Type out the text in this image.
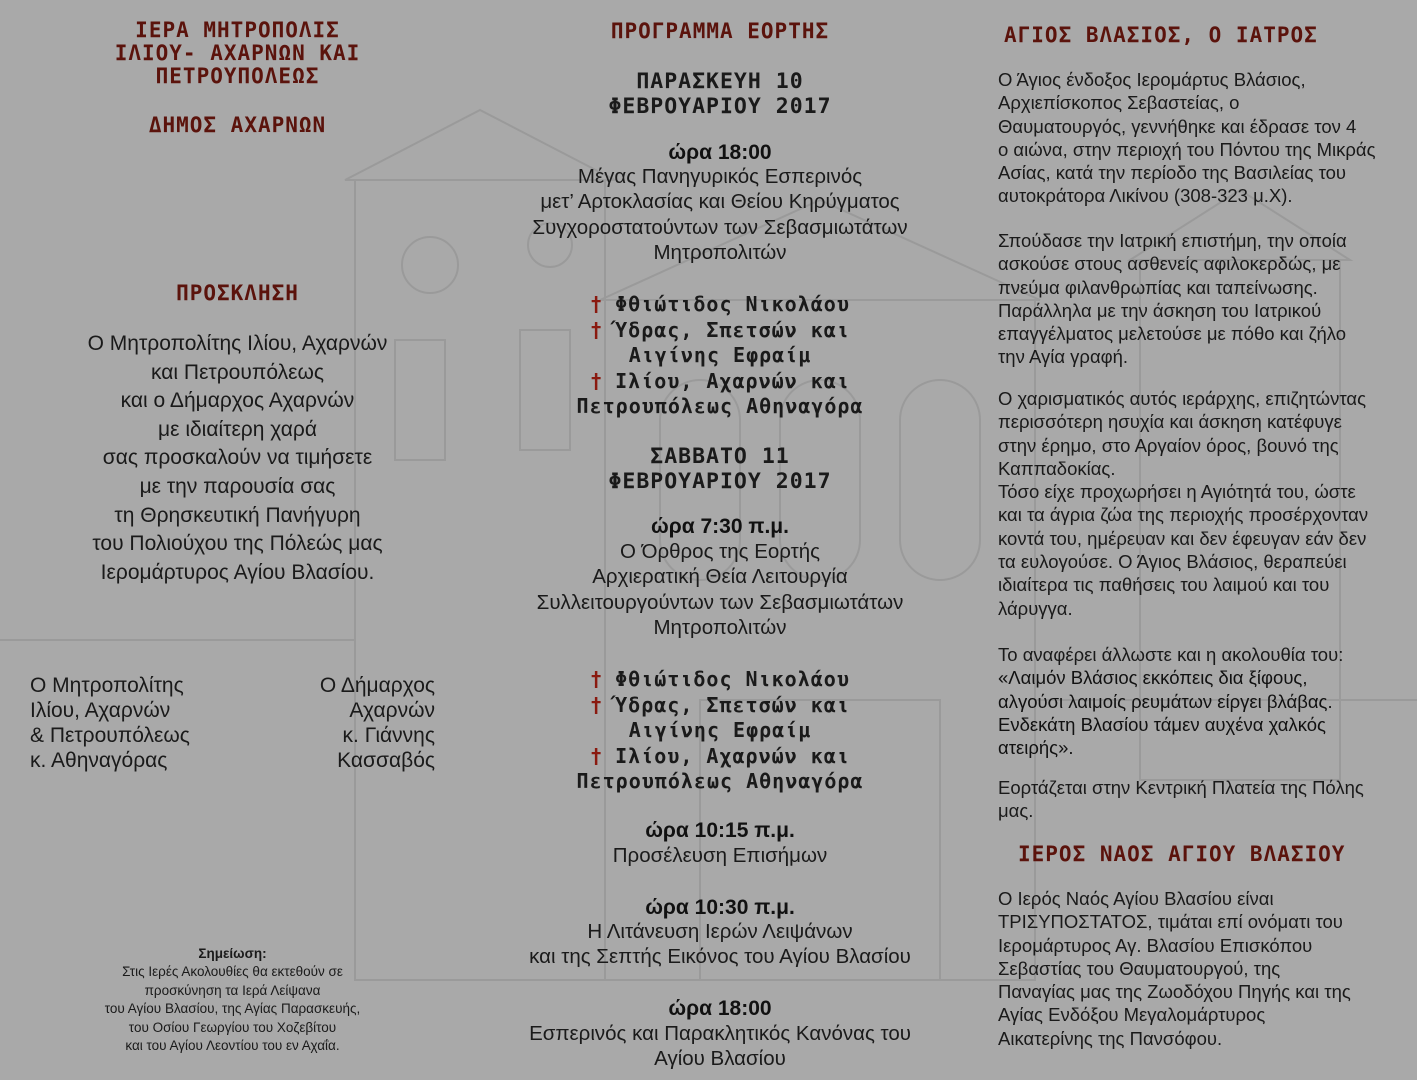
ΙΕΡΑ ΜΗΤΡΟΠΟΛΙΣ
ΙΛΙΟΥ- ΑΧΑΡΝΩΝ ΚΑΙ
ΠΕΤΡΟΥΠΟΛΕΩΣ
ΔΗΜΟΣ ΑΧΑΡΝΩΝ
ΠΡΟΣΚΛΗΣΗ
Ο Μητροπολίτης Ιλίου, Αχαρνών
και Πετρουπόλεως
και ο Δήμαρχος Αχαρνών
με ιδιαίτερη χαρά
σας προσκαλούν να τιμήσετε
με την παρουσία σας
τη Θρησκευτική Πανήγυρη
του Πολιούχου της Πόλεώς μας
Ιερομάρτυρος Αγίου Βλασίου.
Ο Μητροπολίτης
Ιλίου, Αχαρνών
& Πετρουπόλεως
κ. Αθηναγόρας
Ο Δήμαρχος
Αχαρνών
κ. Γιάννης
Κασσαβός
Σημείωση:
Στις Ιερές Ακολουθίες θα εκτεθούν σε
προσκύνηση τα Ιερά Λείψανα
του Αγίου Βλασίου, της Αγίας Παρασκευής,
του Οσίου Γεωργίου του Χοζεβίτου
και του Αγίου Λεοντίου του εν Αχαΐα.
ΠΡΟΓΡΑΜΜΑ ΕΟΡΤΗΣ
ΠΑΡΑΣΚΕΥΗ 10
ΦΕΒΡΟΥΑΡΙΟΥ 2017
ώρα 18:00
Μέγας Πανηγυρικός Εσπερινός
μετ’ Αρτοκλασίας και Θείου Κηρύγματος
Συγχοροστατούντων των Σεβασμιωτάτων
Μητροπολιτών
† Φθιώτιδος Νικολάου
† Ύδρας, Σπετσών και
Αιγίνης Εφραίμ
† Ιλίου, Αχαρνών και
Πετρουπόλεως Αθηναγόρα
ΣΑΒΒΑΤΟ 11
ΦΕΒΡΟΥΑΡΙΟΥ 2017
ώρα 7:30 π.μ.
Ο Όρθρος της Εορτής
Αρχιερατική Θεία Λειτουργία
Συλλειτουργούντων των Σεβασμιωτάτων
Μητροπολιτών
† Φθιώτιδος Νικολάου
† Ύδρας, Σπετσών και
Αιγίνης Εφραίμ
† Ιλίου, Αχαρνών και
Πετρουπόλεως Αθηναγόρα
ώρα 10:15 π.μ.
Προσέλευση Επισήμων
ώρα 10:30 π.μ.
Η Λιτάνευση Ιερών Λειψάνων
και της Σεπτής Εικόνος του Αγίου Βλασίου
ώρα 18:00
Εσπερινός και Παρακλητικός Κανόνας του
Αγίου Βλασίου
ΑΓΙΟΣ ΒΛΑΣΙΟΣ, Ο ΙΑΤΡΟΣ
Ο Άγιος ένδοξος Ιερομάρτυς Βλάσιος,
Αρχιεπίσκοπος Σεβαστείας, ο
Θαυματουργός, γεννήθηκε και έδρασε τον 4
ο αιώνα, στην περιοχή του Πόντου της Μικράς
Ασίας, κατά την περίοδο της Βασιλείας του
αυτοκράτορα Λικίνου (308-323 μ.Χ).
Σπούδασε την Ιατρική επιστήμη, την οποία
ασκούσε στους ασθενείς αφιλοκερδώς, με
πνεύμα φιλανθρωπίας και ταπείνωσης.
Παράλληλα με την άσκηση του Ιατρικού
επαγγέλματος μελετούσε με πόθο και ζήλο
την Αγία γραφή.
Ο χαρισματικός αυτός ιεράρχης, επιζητώντας
περισσότερη ησυχία και άσκηση κατέφυγε
στην έρημο, στο Αργαίον όρος, βουνό της
Καππαδοκίας.
Τόσο είχε προχωρήσει η Αγιότητά του, ώστε
και τα άγρια ζώα της περιοχής προσέρχονταν
κοντά του, ημέρευαν και δεν έφευγαν εάν δεν
τα ευλογούσε. Ο Άγιος Βλάσιος, θεραπεύει
ιδιαίτερα τις παθήσεις του λαιμού και του
λάρυγγα.
Το αναφέρει άλλωστε και η ακολουθία του:
«Λαιμόν Βλάσιος εκκόπεις δια ξίφους,
αλγούσι λαιμοίς ρευμάτων είργει βλάβας.
Ενδεκάτη Βλασίου τάμεν αυχένα χαλκός
ατειρής».
Εορτάζεται στην Κεντρική Πλατεία της Πόλης
μας.
ΙΕΡΟΣ ΝΑΟΣ ΑΓΙΟΥ ΒΛΑΣΙΟΥ
Ο Ιερός Ναός Αγίου Βλασίου είναι
ΤΡΙΣΥΠΟΣΤΑΤΟΣ, τιμάται επί ονόματι του
Ιερομάρτυρος Αγ. Βλασίου Επισκόπου
Σεβαστίας του Θαυματουργού, της
Παναγίας μας της Ζωοδόχου Πηγής και της
Αγίας Ενδόξου Μεγαλομάρτυρος
Αικατερίνης της Πανσόφου.
